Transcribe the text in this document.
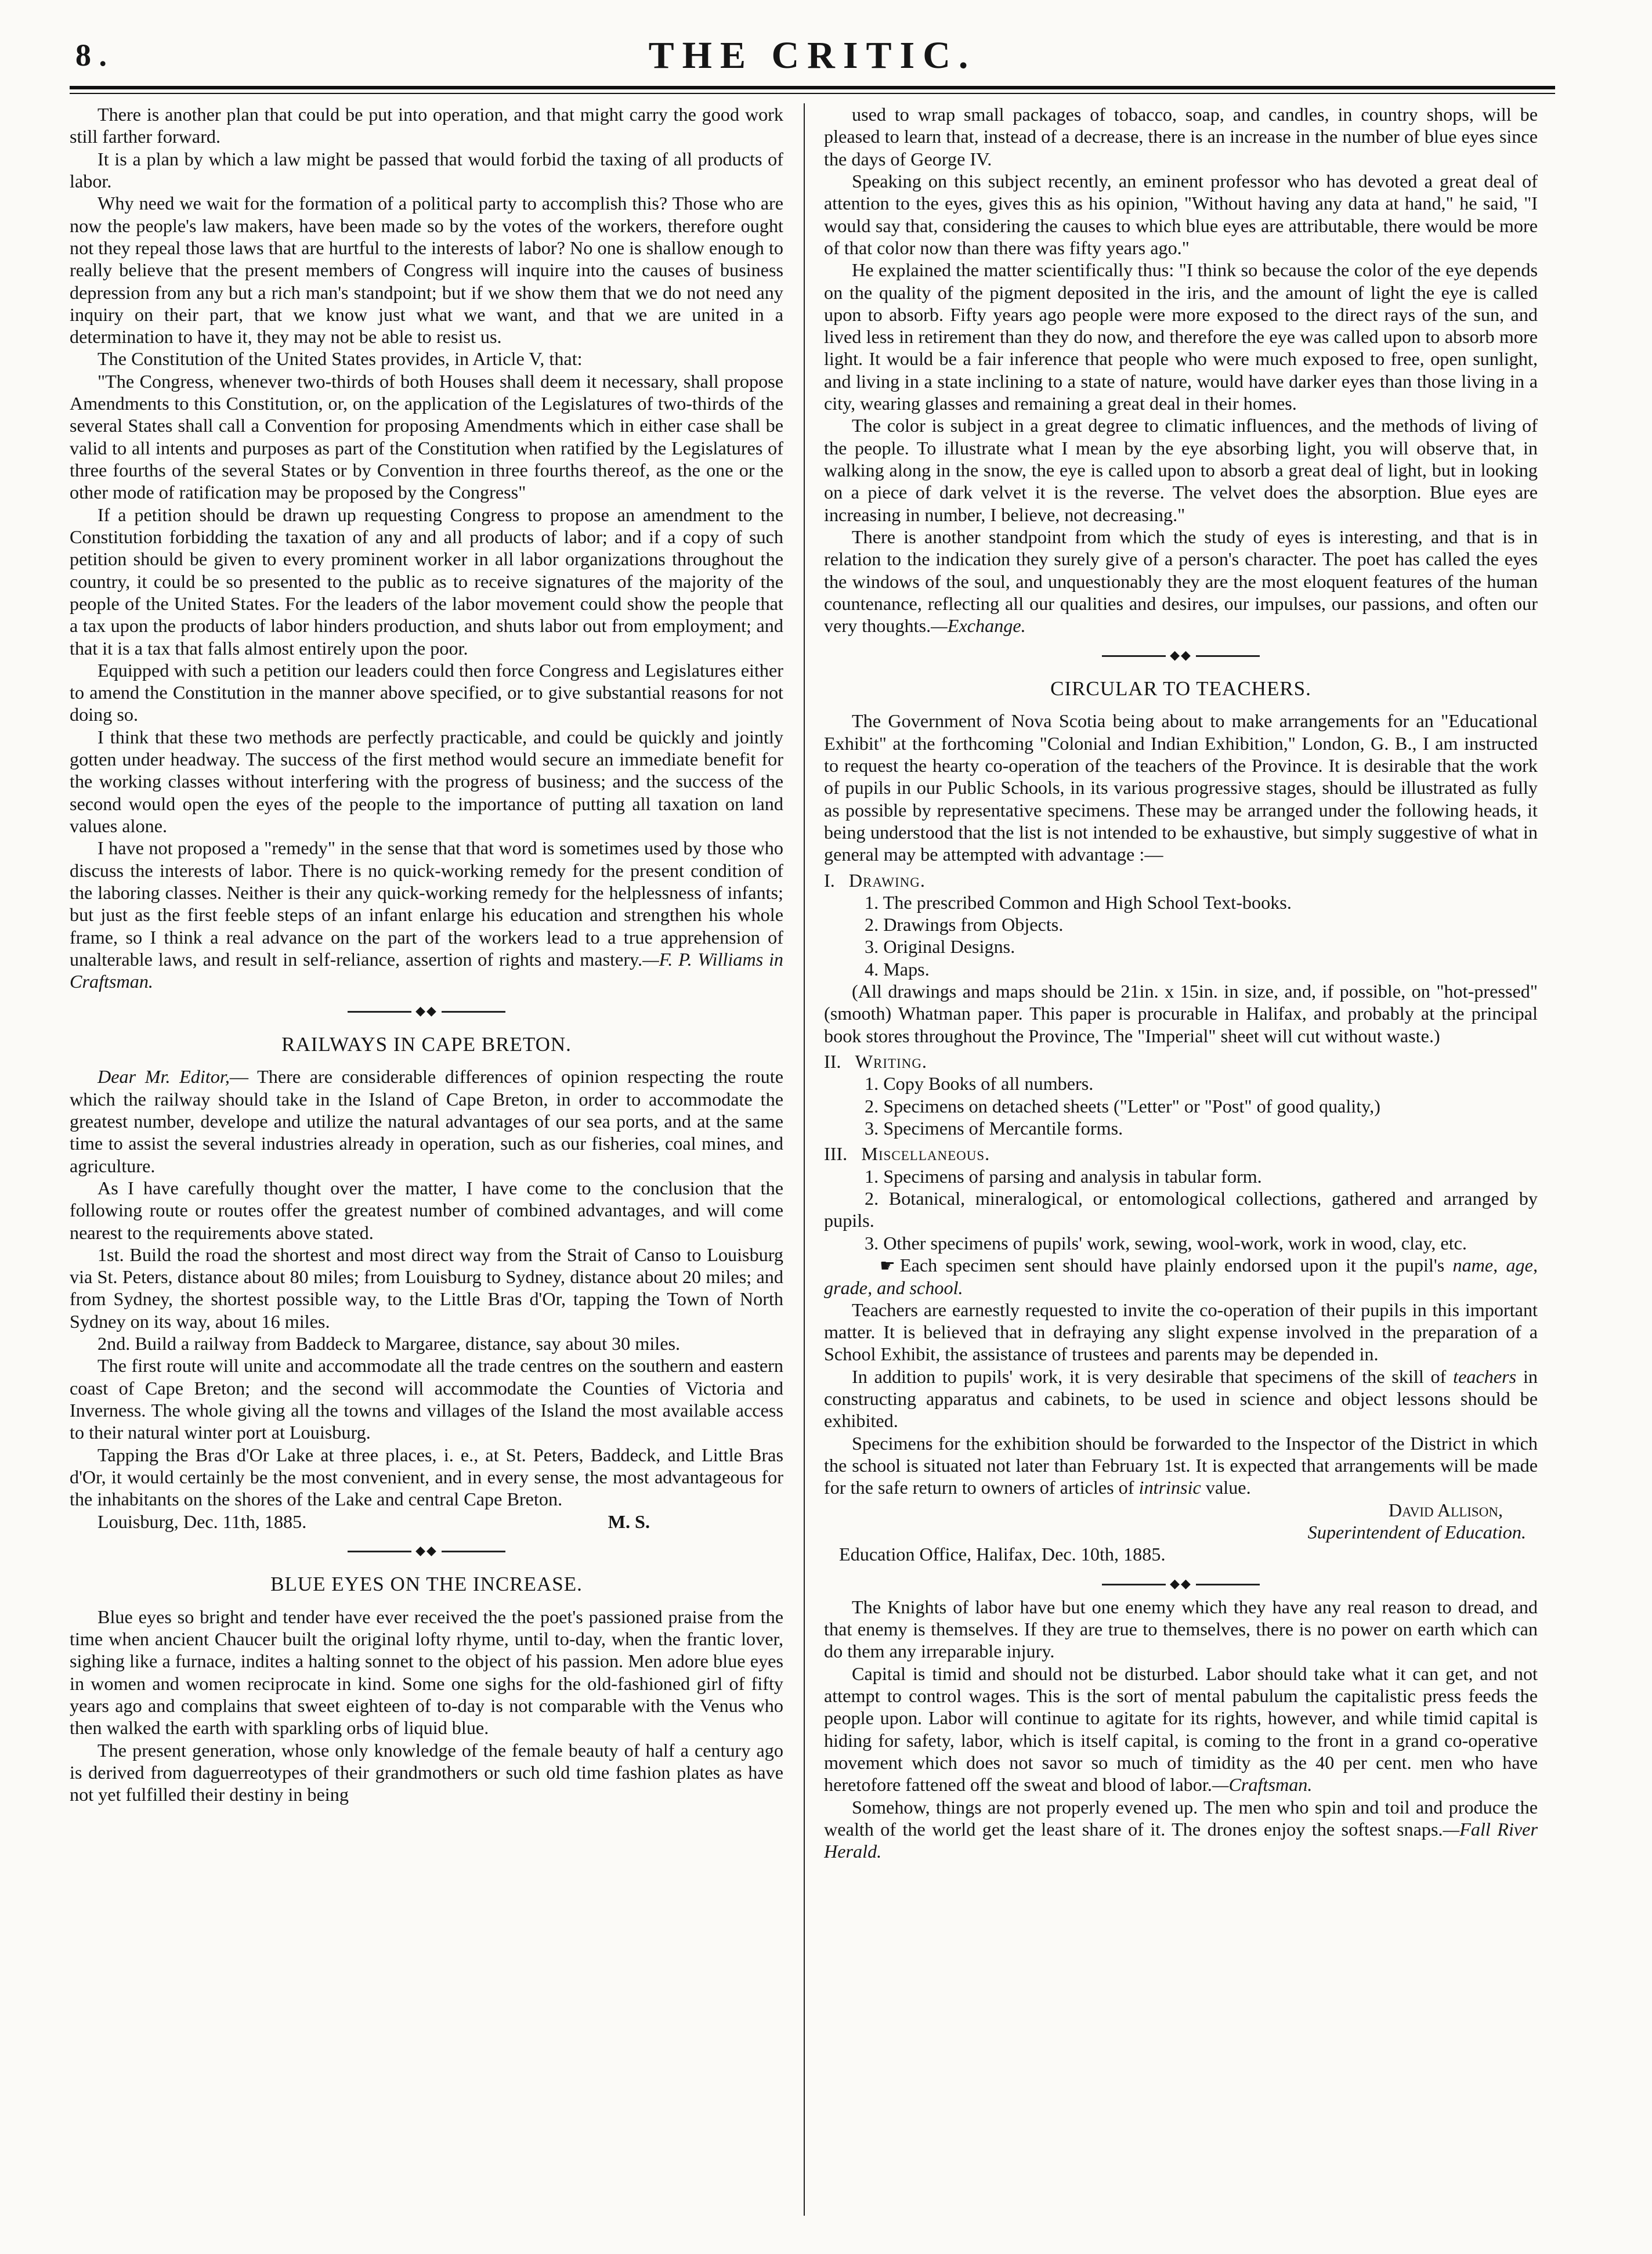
8 .	THE CRITIC.

There is another plan that could be put into operation, and that might carry the good work still farther forward.

It is a plan by which a law might be passed that would forbid the taxing of all products of labor.

Why need we wait for the formation of a political party to accomplish this? Those who are now the people's law makers, have been made so by the votes of the workers, therefore ought not they repeal those laws that are hurtful to the interests of labor? No one is shallow enough to really believe that the present members of Congress will inquire into the causes of business depression from any but a rich man's standpoint; but if we show them that we do not need any inquiry on their part, that we know just what we want, and that we are united in a determination to have it, they may not be able to resist us.

The Constitution of the United States provides, in Article V, that:

"The Congress, whenever two-thirds of both Houses shall deem it necessary, shall propose Amendments to this Constitution, or, on the application of the Legislatures of two-thirds of the several States shall call a Convention for proposing Amendments which in either case shall be valid to all intents and purposes as part of the Constitution when ratified by the Legislatures of three fourths of the several States or by Convention in three fourths thereof, as the one or the other mode of ratification may be proposed by the Congress"

If a petition should be drawn up requesting Congress to propose an amendment to the Constitution forbidding the taxation of any and all products of labor; and if a copy of such petition should be given to every prominent worker in all labor organizations throughout the country, it could be so presented to the public as to receive signatures of the majority of the people of the United States. For the leaders of the labor movement could show the people that a tax upon the products of labor hinders production, and shuts labor out from employment; and that it is a tax that falls almost entirely upon the poor.

Equipped with such a petition our leaders could then force Congress and Legislatures either to amend the Constitution in the manner above specified, or to give substantial reasons for not doing so.

I think that these two methods are perfectly practicable, and could be quickly and jointly gotten under headway. The success of the first method would secure an immediate benefit for the working classes without interfering with the progress of business; and the success of the second would open the eyes of the people to the importance of putting all taxation on land values alone.

I have not proposed a "remedy" in the sense that that word is sometimes used by those who discuss the interests of labor. There is no quick-working remedy for the present condition of the laboring classes. Neither is their any quick-working remedy for the helplessness of infants; but just as the first feeble steps of an infant enlarge his education and strengthen his whole frame, so I think a real advance on the part of the workers lead to a true apprehension of unalterable laws, and result in self-reliance, assertion of rights and mastery.—F. P. Williams in Craftsman.

◆◆
RAILWAYS IN CAPE BRETON.

Dear Mr. Editor,— There are considerable differences of opinion respecting the route which the railway should take in the Island of Cape Breton, in order to accommodate the greatest number, develope and utilize the natural advantages of our sea ports, and at the same time to assist the several industries already in operation, such as our fisheries, coal mines, and agriculture.

As I have carefully thought over the matter, I have come to the conclusion that the following route or routes offer the greatest number of combined advantages, and will come nearest to the requirements above stated.

1st. Build the road the shortest and most direct way from the Strait of Canso to Louisburg via St. Peters, distance about 80 miles; from Louisburg to Sydney, distance about 20 miles; and from Sydney, the shortest possible way, to the Little Bras d'Or, tapping the Town of North Sydney on its way, about 16 miles.

2nd. Build a railway from Baddeck to Margaree, distance, say about 30 miles.

The first route will unite and accommodate all the trade centres on the southern and eastern coast of Cape Breton; and the second will accommodate the Counties of Victoria and Inverness. The whole giving all the towns and villages of the Island the most available access to their natural winter port at Louisburg.

Tapping the Bras d'Or Lake at three places, i. e., at St. Peters, Baddeck, and Little Bras d'Or, it would certainly be the most convenient, and in every sense, the most advantageous for the inhabitants on the shores of the Lake and central Cape Breton.

Louisburg, Dec. 11th, 1885.	M. S.
◆◆
BLUE EYES ON THE INCREASE.

Blue eyes so bright and tender have ever received the the poet's passioned praise from the time when ancient Chaucer built the original lofty rhyme, until to-day, when the frantic lover, sighing like a furnace, indites a halting sonnet to the object of his passion. Men adore blue eyes in women and women reciprocate in kind. Some one sighs for the old-fashioned girl of fifty years ago and complains that sweet eighteen of to-day is not comparable with the Venus who then walked the earth with sparkling orbs of liquid blue.

The present generation, whose only knowledge of the female beauty of half a century ago is derived from daguerreotypes of their grandmothers or such old time fashion plates as have not yet fulfilled their destiny in being

used to wrap small packages of tobacco, soap, and candles, in country shops, will be pleased to learn that, instead of a decrease, there is an increase in the number of blue eyes since the days of George IV.

Speaking on this subject recently, an eminent professor who has devoted a great deal of attention to the eyes, gives this as his opinion, "Without having any data at hand," he said, "I would say that, considering the causes to which blue eyes are attributable, there would be more of that color now than there was fifty years ago."

He explained the matter scientifically thus: "I think so because the color of the eye depends on the quality of the pigment deposited in the iris, and the amount of light the eye is called upon to absorb. Fifty years ago people were more exposed to the direct rays of the sun, and lived less in retirement than they do now, and therefore the eye was called upon to absorb more light. It would be a fair inference that people who were much exposed to free, open sunlight, and living in a state inclining to a state of nature, would have darker eyes than those living in a city, wearing glasses and remaining a great deal in their homes.

The color is subject in a great degree to climatic influences, and the methods of living of the people. To illustrate what I mean by the eye absorbing light, you will observe that, in walking along in the snow, the eye is called upon to absorb a great deal of light, but in looking on a piece of dark velvet it is the reverse. The velvet does the absorption. Blue eyes are increasing in number, I believe, not decreasing."

There is another standpoint from which the study of eyes is interesting, and that is in relation to the indication they surely give of a person's character. The poet has called the eyes the windows of the soul, and unquestionably they are the most eloquent features of the human countenance, reflecting all our qualities and desires, our impulses, our passions, and often our very thoughts.—Exchange.

◆◆
CIRCULAR TO TEACHERS.

The Government of Nova Scotia being about to make arrangements for an "Educational Exhibit" at the forthcoming "Colonial and Indian Exhibition," London, G. B., I am instructed to request the hearty co-operation of the teachers of the Province. It is desirable that the work of pupils in our Public Schools, in its various progressive stages, should be illustrated as fully as possible by representative specimens. These may be arranged under the following heads, it being understood that the list is not intended to be exhaustive, but simply suggestive of what in general may be attempted with advantage :—

I. Drawing.
1. The prescribed Common and High School Text-books.
2. Drawings from Objects.
3. Original Designs.
4. Maps.

(All drawings and maps should be 21in. x 15in. in size, and, if possible, on "hot-pressed" (smooth) Whatman paper. This paper is procurable in Halifax, and probably at the principal book stores throughout the Province, The "Imperial" sheet will cut without waste.)

II. Writing.
1. Copy Books of all numbers.
2. Specimens on detached sheets ("Letter" or "Post" of good quality,)
3. Specimens of Mercantile forms.
III. Miscellaneous.
1. Specimens of parsing and analysis in tabular form.
2. Botanical, mineralogical, or entomological collections, gathered and arranged by pupils.
3. Other specimens of pupils' work, sewing, wool-work, work in wood, clay, etc.

☛ Each specimen sent should have plainly endorsed upon it the pupil's name, age, grade, and school.

Teachers are earnestly requested to invite the co-operation of their pupils in this important matter. It is believed that in defraying any slight expense involved in the preparation of a School Exhibit, the assistance of trustees and parents may be depended in.

In addition to pupils' work, it is very desirable that specimens of the skill of teachers in constructing apparatus and cabinets, to be used in science and object lessons should be exhibited.

Specimens for the exhibition should be forwarded to the Inspector of the District in which the school is situated not later than February 1st. It is expected that arrangements will be made for the safe return to owners of articles of intrinsic value.

David Allison,
Superintendent of Education.
Education Office, Halifax, Dec. 10th, 1885.
◆◆

The Knights of labor have but one enemy which they have any real reason to dread, and that enemy is themselves. If they are true to themselves, there is no power on earth which can do them any irreparable injury.

Capital is timid and should not be disturbed. Labor should take what it can get, and not attempt to control wages. This is the sort of mental pabulum the capitalistic press feeds the people upon. Labor will continue to agitate for its rights, however, and while timid capital is hiding for safety, labor, which is itself capital, is coming to the front in a grand co-operative movement which does not savor so much of timidity as the 40 per cent. men who have heretofore fattened off the sweat and blood of labor.—Craftsman.

Somehow, things are not properly evened up. The men who spin and toil and produce the wealth of the world get the least share of it. The drones enjoy the softest snaps.—Fall River Herald.
